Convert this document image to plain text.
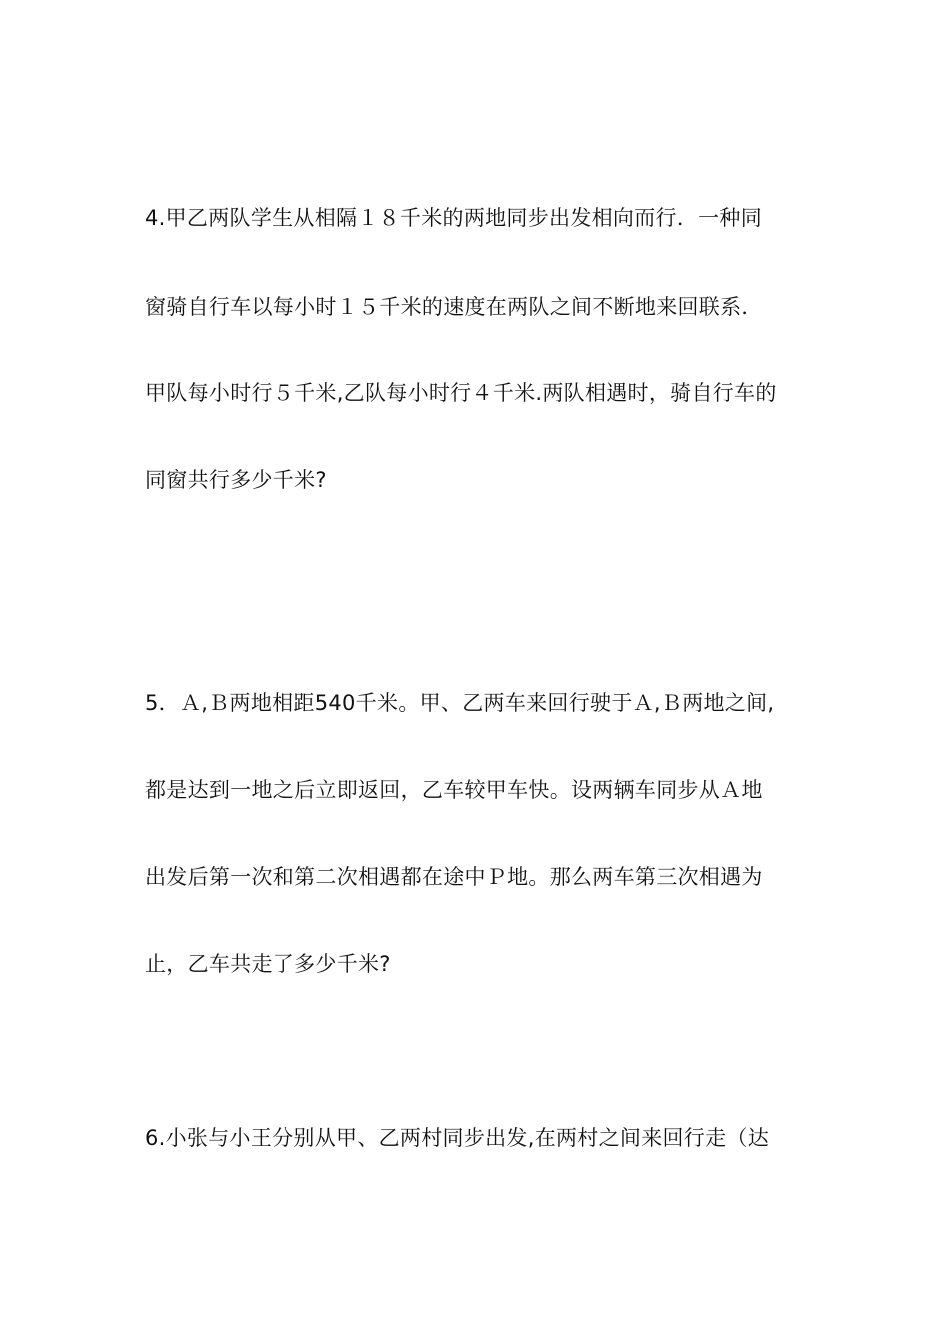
4.甲乙两队学生从相隔１８千米的两地同步出发相向而行．一种同
窗骑自行车以每小时１５千米的速度在两队之间不断地来回联系．
甲队每小时行５千米,乙队每小时行４千米.两队相遇时，骑自行车的
同窗共行多少千米?
5．Ａ,Ｂ两地相距540千米。甲、乙两车来回行驶于Ａ,Ｂ两地之间,
都是达到一地之后立即返回，乙车较甲车快。设两辆车同步从Ａ地
出发后第一次和第二次相遇都在途中Ｐ地。那么两车第三次相遇为
止，乙车共走了多少千米?
6.小张与小王分别从甲、乙两村同步出发,在两村之间来回行走（达
